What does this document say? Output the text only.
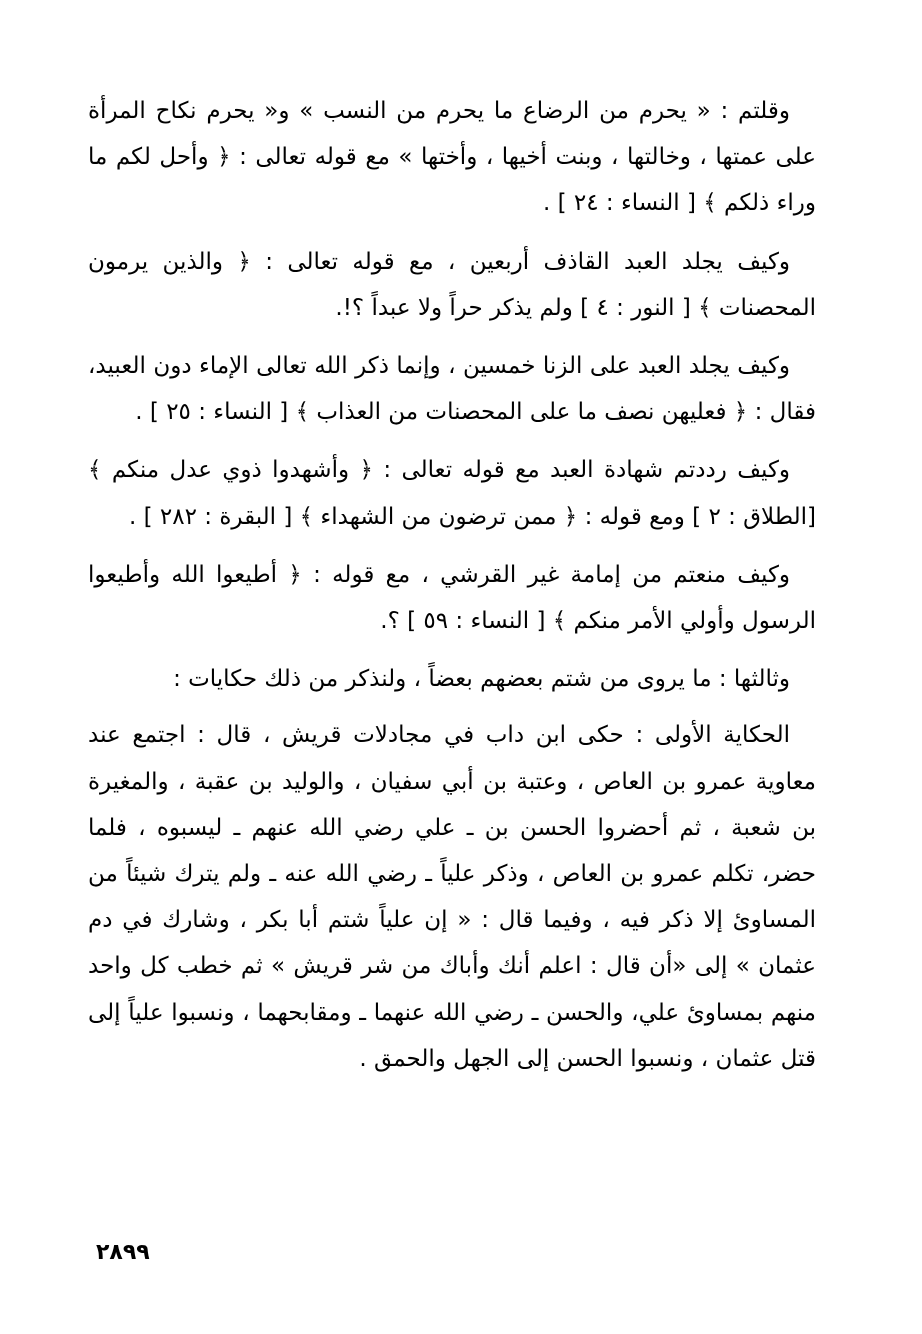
وقلتم : « يحرم من الرضاع ما يحرم من النسب » و« يحرم نكاح المرأة على عمتها ، وخالتها ، وبنت أخيها ، وأختها » مع قوله تعالى : ﴿ وأحل لكم ما وراء ذلكم ﴾ [ النساء : ٢٤ ] .

وكيف يجلد العبد القاذف أربعين ، مع قوله تعالى : ﴿ والذين يرمون المحصنات ﴾ [ النور : ٤ ] ولم يذكر حراً ولا عبداً ؟!.

وكيف يجلد العبد على الزنا خمسين ، وإنما ذكر الله تعالى الإماء دون العبيد، فقال : ﴿ فعليهن نصف ما على المحصنات من العذاب ﴾ [ النساء : ٢٥ ] .

وكيف رددتم شهادة العبد مع قوله تعالى : ﴿ وأشهدوا ذوي عدل منكم ﴾ [الطلاق : ٢ ] ومع قوله : ﴿ ممن ترضون من الشهداء ﴾ [ البقرة : ٢٨٢ ] .

وكيف منعتم من إمامة غير القرشي ، مع قوله : ﴿ أطيعوا الله وأطيعوا الرسول وأولي الأمر منكم ﴾ [ النساء : ٥٩ ] ؟.

وثالثها : ما يروى من شتم بعضهم بعضاً ، ولنذكر من ذلك حكايات :

الحكاية الأولى : حكى ابن داب في مجادلات قريش ، قال : اجتمع عند معاوية عمرو بن العاص ، وعتبة بن أبي سفيان ، والوليد بن عقبة ، والمغيرة بن شعبة ، ثم أحضروا الحسن بن ـ علي رضي الله عنهم ـ ليسبوه ، فلما حضر، تكلم عمرو بن العاص ، وذكر علياً ـ رضي الله عنه ـ ولم يترك شيئاً من المساوئ إلا ذكر فيه ، وفيما قال : « إن علياً شتم أبا بكر ، وشارك في دم عثمان » إلى «أن قال : اعلم أنك وأباك من شر قريش » ثم خطب كل واحد منهم بمساوئ علي، والحسن ـ رضي الله عنهما ـ ومقابحهما ، ونسبوا علياً إلى قتل عثمان ، ونسبوا الحسن إلى الجهل والحمق .

٢٨٩٩
